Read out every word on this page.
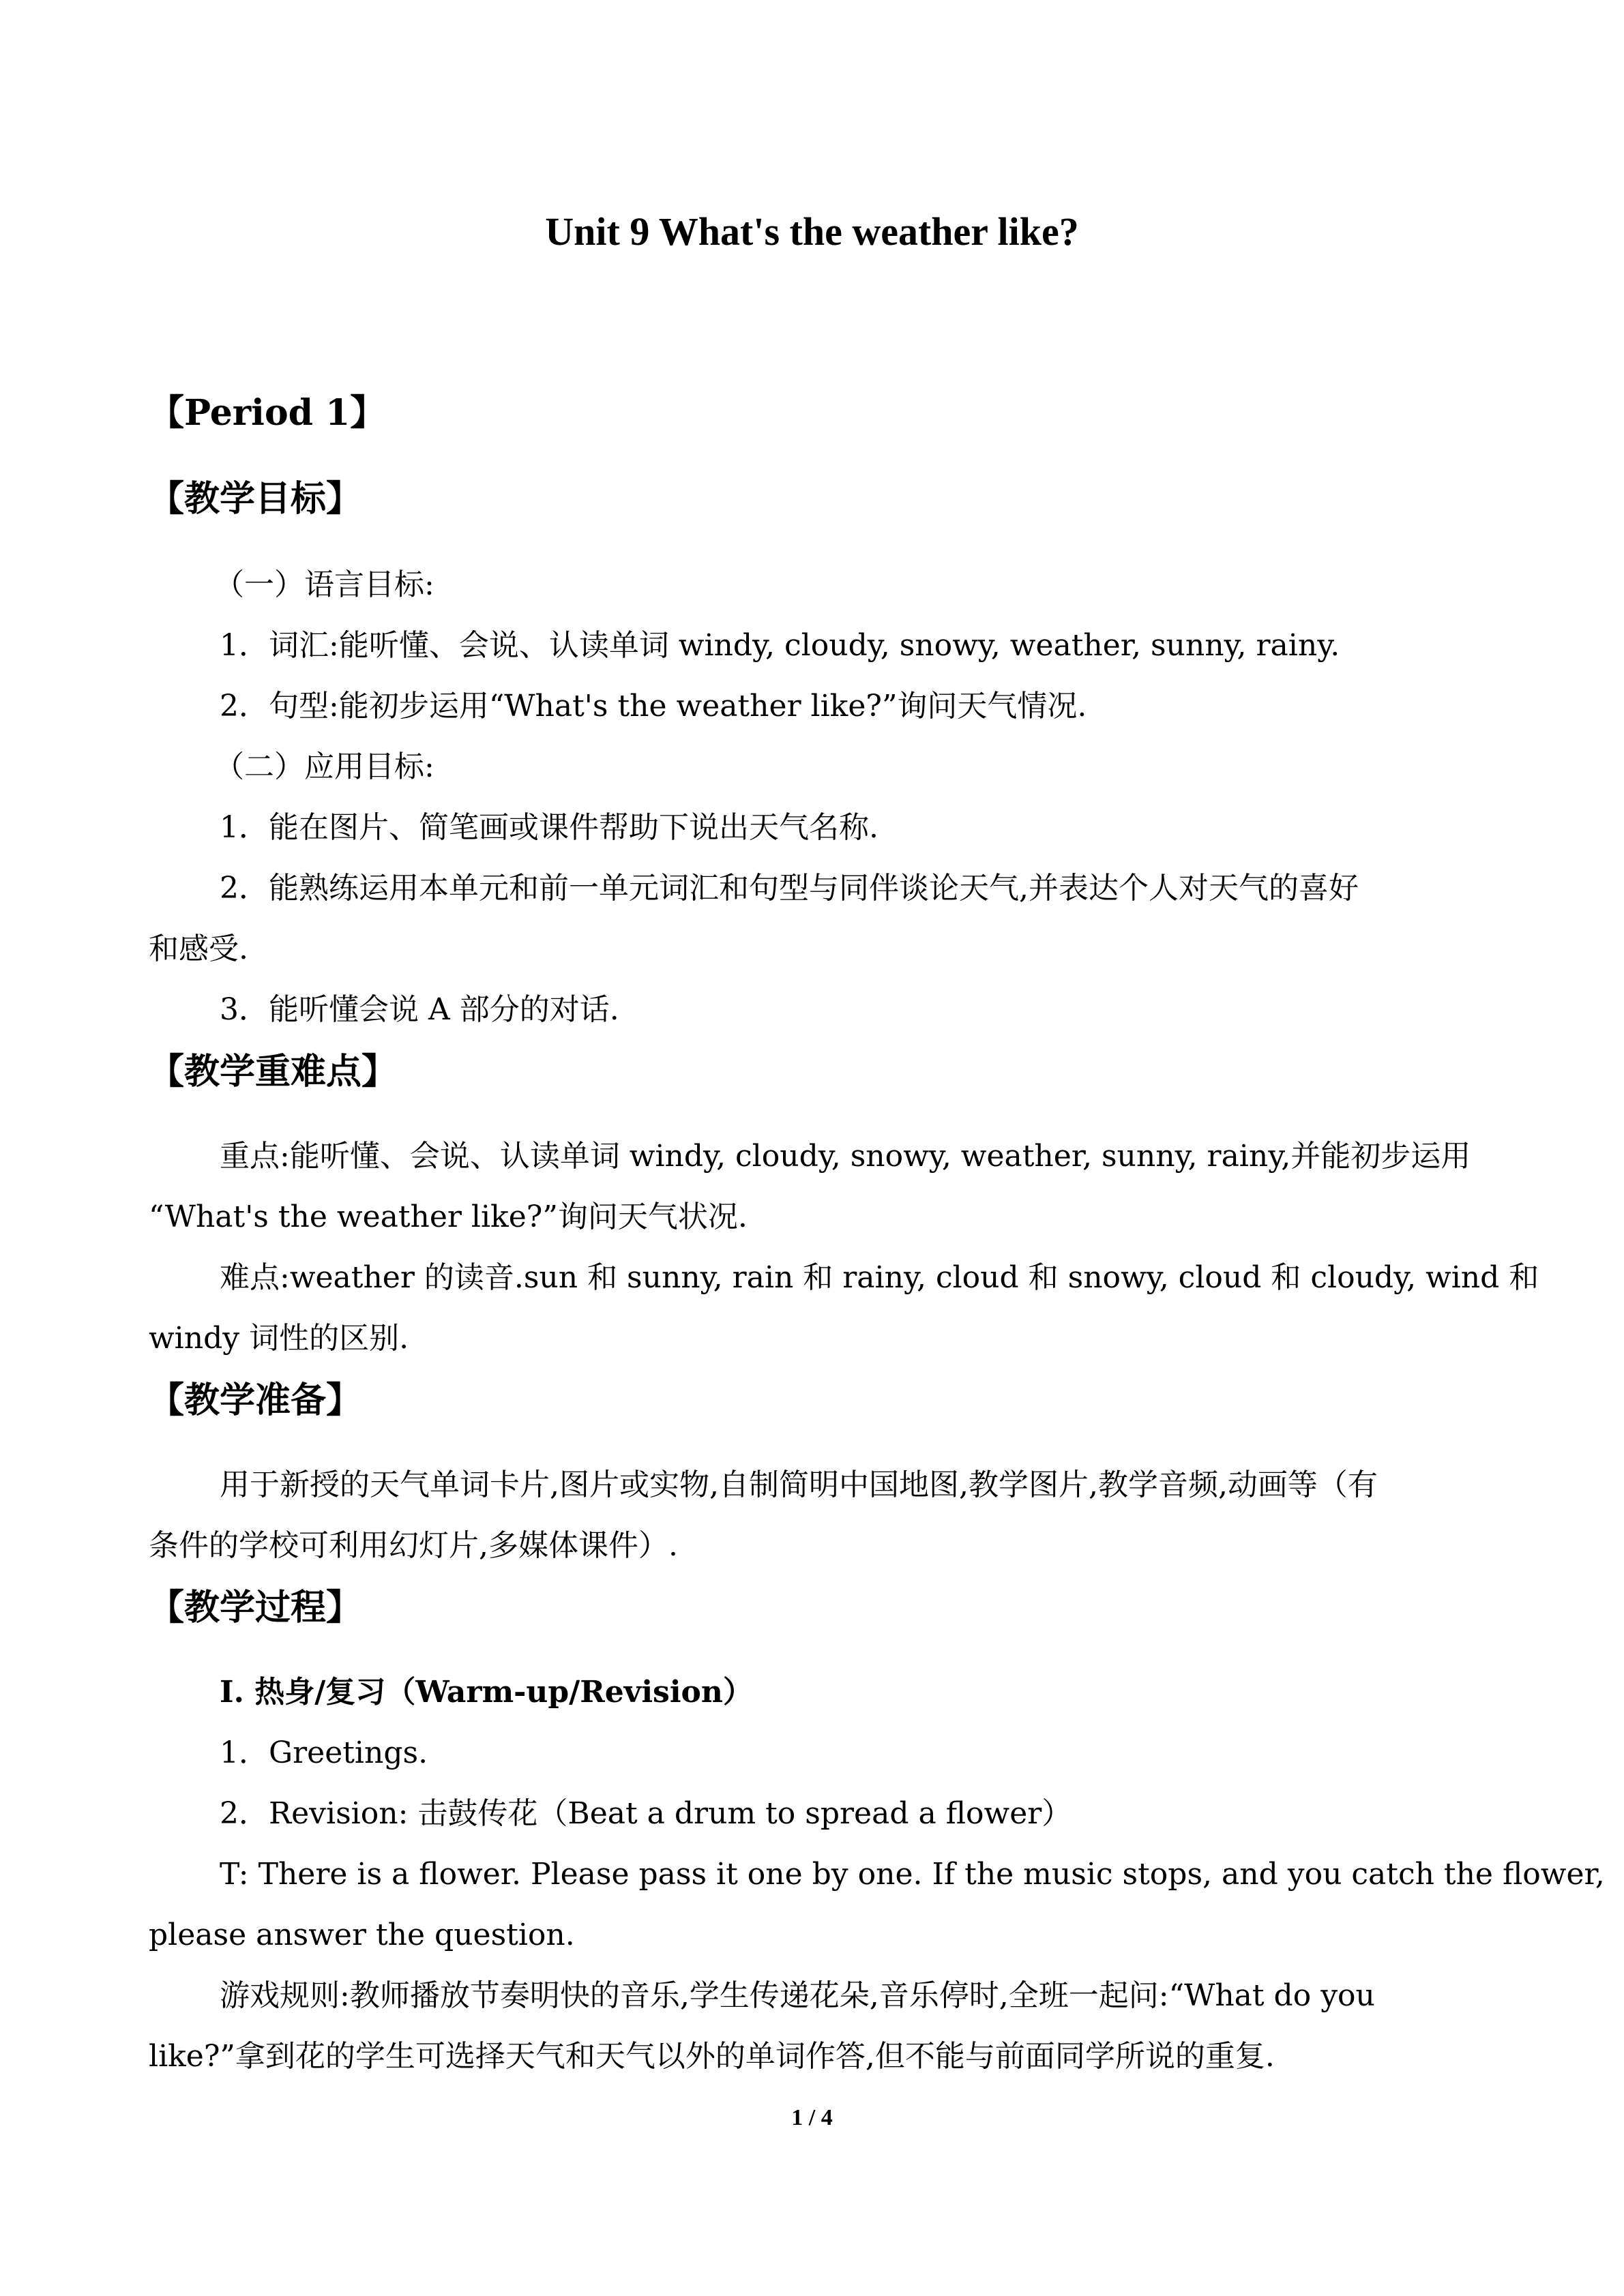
Unit 9 What's the weather like?
【Period 1】
【教学目标】
（一）语言目标:
1．词汇:能听懂、会说、认读单词 windy, cloudy, snowy, weather, sunny, rainy.
2．句型:能初步运用“What's the weather like?”询问天气情况.
（二）应用目标:
1．能在图片、简笔画或课件帮助下说出天气名称.
2．能熟练运用本单元和前一单元词汇和句型与同伴谈论天气,并表达个人对天气的喜好
和感受.
3．能听懂会说 A 部分的对话.
【教学重难点】
重点:能听懂、会说、认读单词 windy, cloudy, snowy, weather, sunny, rainy,并能初步运用
“What's the weather like?”询问天气状况.
难点:weather 的读音.sun 和 sunny, rain 和 rainy, cloud 和 snowy, cloud 和 cloudy, wind 和
windy 词性的区别.
【教学准备】
用于新授的天气单词卡片,图片或实物,自制简明中国地图,教学图片,教学音频,动画等（有
条件的学校可利用幻灯片,多媒体课件）.
【教学过程】
I. 热身/复习（Warm-up/Revision）
1．Greetings.
2．Revision: 击鼓传花（Beat a drum to spread a flower）
T: There is a flower. Please pass it one by one. If the music stops, and you catch the flower,
please answer the question.
游戏规则:教师播放节奏明快的音乐,学生传递花朵,音乐停时,全班一起问:“What do you
like?”拿到花的学生可选择天气和天气以外的单词作答,但不能与前面同学所说的重复.
1 / 4
